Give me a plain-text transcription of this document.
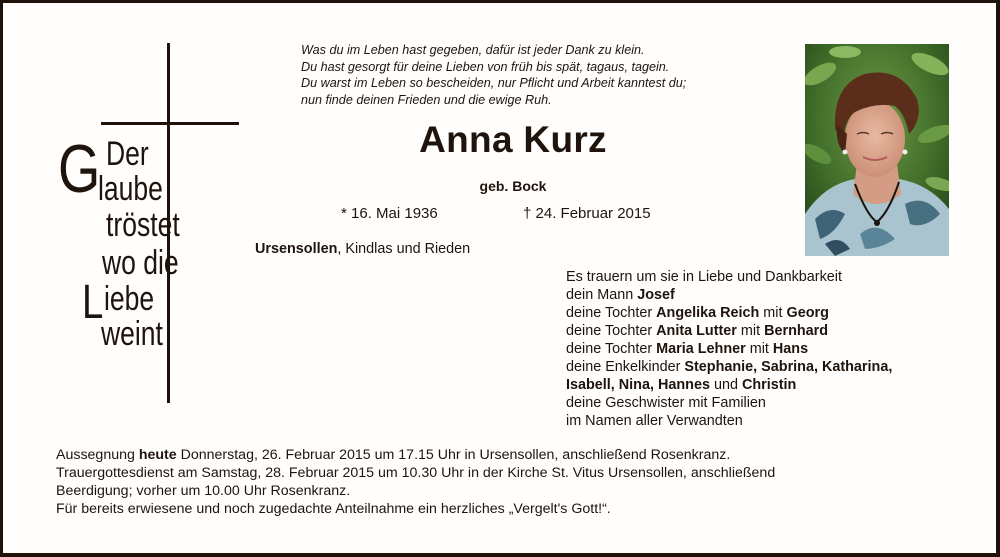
G Der
laube
tröstet
wo die
L iebe
weint
Was du im Leben hast gegeben, dafür ist jeder Dank zu klein.
Du hast gesorgt für deine Lieben von früh bis spät, tagaus, tagein.
Du warst im Leben so bescheiden, nur Pflicht und Arbeit kanntest du;
nun finde deinen Frieden und die ewige Ruh.
Anna Kurz
geb. Bock
* 16. Mai 1936	† 24. Februar 2015
Ursensollen, Kindlas und Rieden
Es trauern um sie in Liebe und Dankbarkeit
dein Mann Josef
deine Tochter Angelika Reich mit Georg
deine Tochter Anita Lutter mit Bernhard
deine Tochter Maria Lehner mit Hans
deine Enkelkinder Stephanie, Sabrina, Katharina,
Isabell, Nina, Hannes und Christin
deine Geschwister mit Familien
im Namen aller Verwandten
Aussegnung heute Donnerstag, 26. Februar 2015 um 17.15 Uhr in Ursensollen, anschließend Rosenkranz.
Trauergottesdienst am Samstag, 28. Februar 2015 um 10.30 Uhr in der Kirche St. Vitus Ursensollen, anschließend
Beerdigung; vorher um 10.00 Uhr Rosenkranz.
Für bereits erwiesene und noch zugedachte Anteilnahme ein herzliches „Vergelt's Gott!“.
